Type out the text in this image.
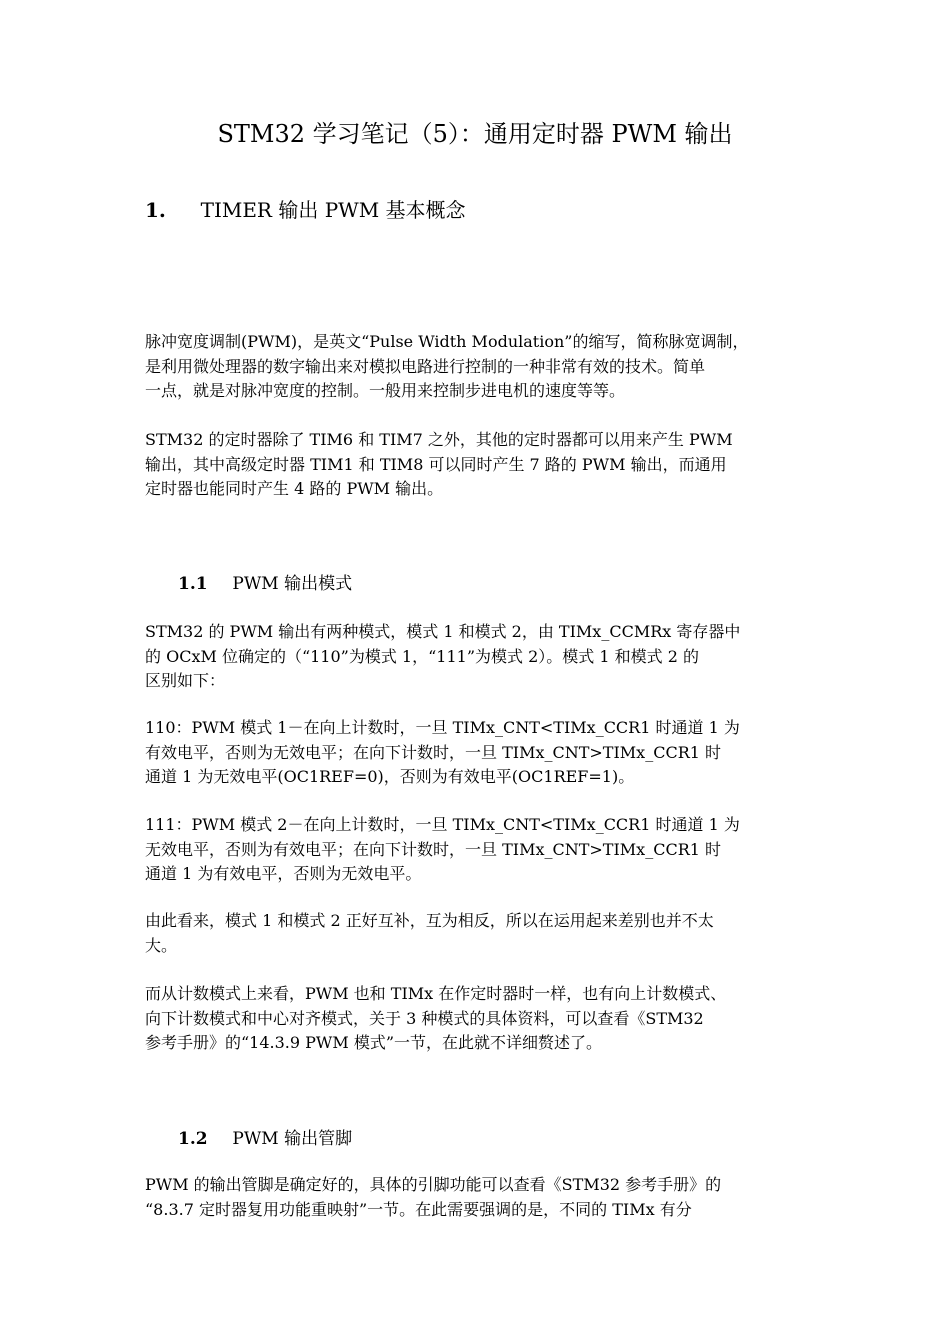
STM32 学习笔记（5）：通用定时器 PWM 输出
1. TIMER 输出 PWM 基本概念
脉冲宽度调制(PWM)，是英文“Pulse Width Modulation”的缩写，简称脉宽调制，
是利用微处理器的数字输出来对模拟电路进行控制的一种非常有效的技术。简单
一点，就是对脉冲宽度的控制。一般用来控制步进电机的速度等等。
STM32 的定时器除了 TIM6 和 TIM7 之外，其他的定时器都可以用来产生 PWM
输出，其中高级定时器 TIM1 和 TIM8 可以同时产生 7 路的 PWM 输出，而通用
定时器也能同时产生 4 路的 PWM 输出。
1.1 PWM 输出模式
STM32 的 PWM 输出有两种模式，模式 1 和模式 2，由 TIMx_CCMRx 寄存器中
的 OCxM 位确定的（“110”为模式 1，“111”为模式 2）。模式 1 和模式 2 的
区别如下：
110：PWM 模式 1－在向上计数时，一旦 TIMx_CNT<TIMx_CCR1 时通道 1 为
有效电平，否则为无效电平；在向下计数时，一旦 TIMx_CNT>TIMx_CCR1 时
通道 1 为无效电平(OC1REF=0)，否则为有效电平(OC1REF=1)。
111：PWM 模式 2－在向上计数时，一旦 TIMx_CNT<TIMx_CCR1 时通道 1 为
无效电平，否则为有效电平；在向下计数时，一旦 TIMx_CNT>TIMx_CCR1 时
通道 1 为有效电平，否则为无效电平。
由此看来，模式 1 和模式 2 正好互补，互为相反，所以在运用起来差别也并不太
大。
而从计数模式上来看，PWM 也和 TIMx 在作定时器时一样，也有向上计数模式、
向下计数模式和中心对齐模式，关于 3 种模式的具体资料，可以查看《STM32
参考手册》的“14.3.9 PWM 模式”一节，在此就不详细赘述了。
1.2 PWM 输出管脚
PWM 的输出管脚是确定好的，具体的引脚功能可以查看《STM32 参考手册》的
“8.3.7 定时器复用功能重映射”一节。在此需要强调的是，不同的 TIMx 有分
